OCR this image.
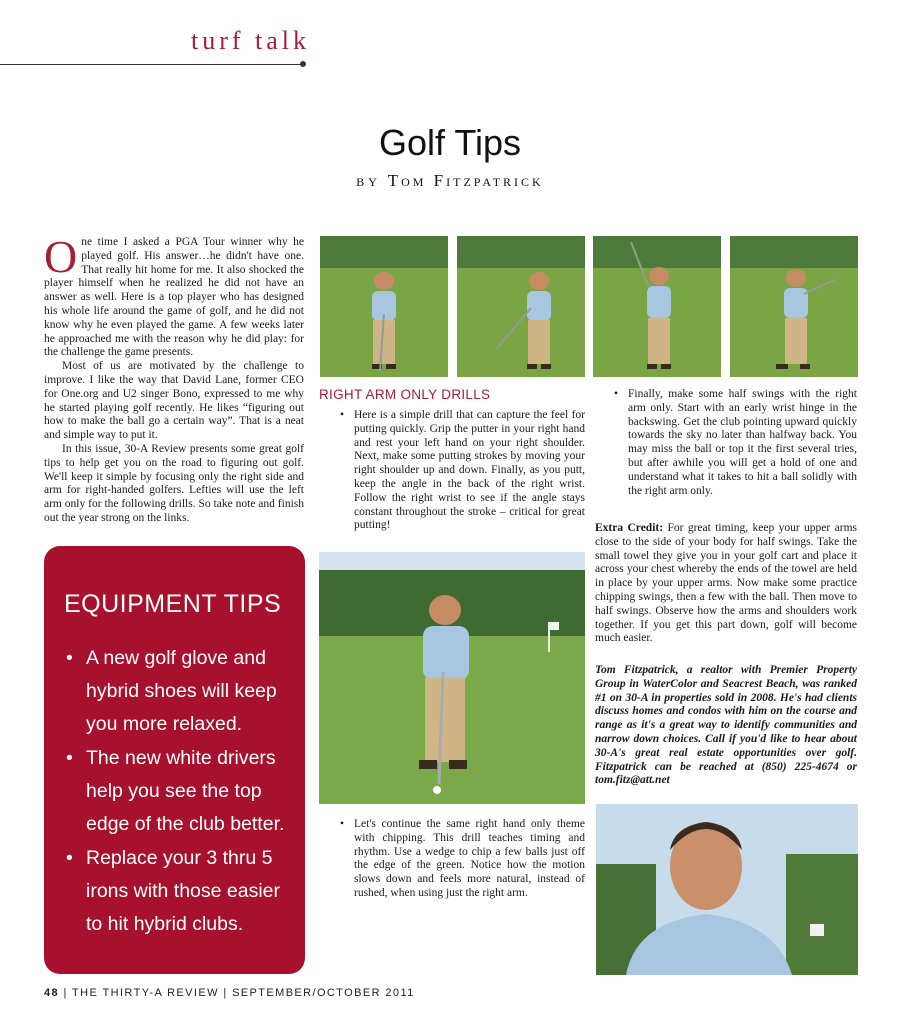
turf talk
Golf Tips
BY Tom Fitzpatrick

O ne time I asked a PGA Tour winner why he played golf. His answer…he didn't have one. That really hit home for me. It also shocked the player himself when he realized he did not have an answer as well. Here is a top player who has designed his whole life around the game of golf, and he did not know why he even played the game. A few weeks later he approached me with the reason why he did play: for the challenge the game presents.

Most of us are motivated by the challenge to improve. I like the way that David Lane, former CEO for One.org and U2 singer Bono, expressed to me why he started playing golf recently. He likes “figuring out how to make the ball go a certain way”. That is a neat and simple way to put it.

In this issue, 30-A Review presents some great golf tips to help get you on the road to figuring out golf. We'll keep it simple by focusing only the right side and arm for right-handed golfers. Lefties will use the left arm only for the following drills. So take note and finish out the year strong on the links.

RIGHT ARM ONLY DRILLS
• Here is a simple drill that can capture the feel for putting quickly. Grip the putter in your right hand and rest your left hand on your right shoulder. Next, make some putting strokes by moving your right shoulder up and down. Finally, as you putt, keep the angle in the back of the right wrist. Follow the right wrist to see if the angle stays constant throughout the stroke – critical for great putting!
• Finally, make some half swings with the right arm only. Start with an early wrist hinge in the backswing. Get the club pointing upward quickly towards the sky no later than halfway back. You may miss the ball or top it the first several tries, but after awhile you will get a hold of one and understand what it takes to hit a ball solidly with the right arm only.
• Let's continue the same right hand only theme with chipping. This drill teaches timing and rhythm. Use a wedge to chip a few balls just off the edge of the green. Notice how the motion slows down and feels more natural, instead of rushed, when using just the right arm.

Extra Credit: For great timing, keep your upper arms close to the side of your body for half swings. Take the small towel they give you in your golf cart and place it across your chest whereby the ends of the towel are held in place by your upper arms. Now make some practice chipping swings, then a few with the ball. Then move to half swings. Observe how the arms and shoulders work together. If you get this part down, golf will become much easier.

Tom Fitzpatrick, a realtor with Premier Property Group in WaterColor and Seacrest Beach, was ranked #1 on 30-A in properties sold in 2008. He's had clients discuss homes and condos with him on the course and range as it's a great way to identify communities and narrow down choices. Call if you'd like to hear about 30-A's great real estate opportunities over golf. Fitzpatrick can be reached at (850) 225-4674 or tom.fitz@att.net
EQUIPMENT TIPS
• A new golf glove and hybrid shoes will keep you more relaxed.
• The new white drivers help you see the top edge of the club better.
• Replace your 3 thru 5 irons with those easier to hit hybrid clubs.
48 | THE THIRTY-A REVIEW | SEPTEMBER/OCTOBER 2011
